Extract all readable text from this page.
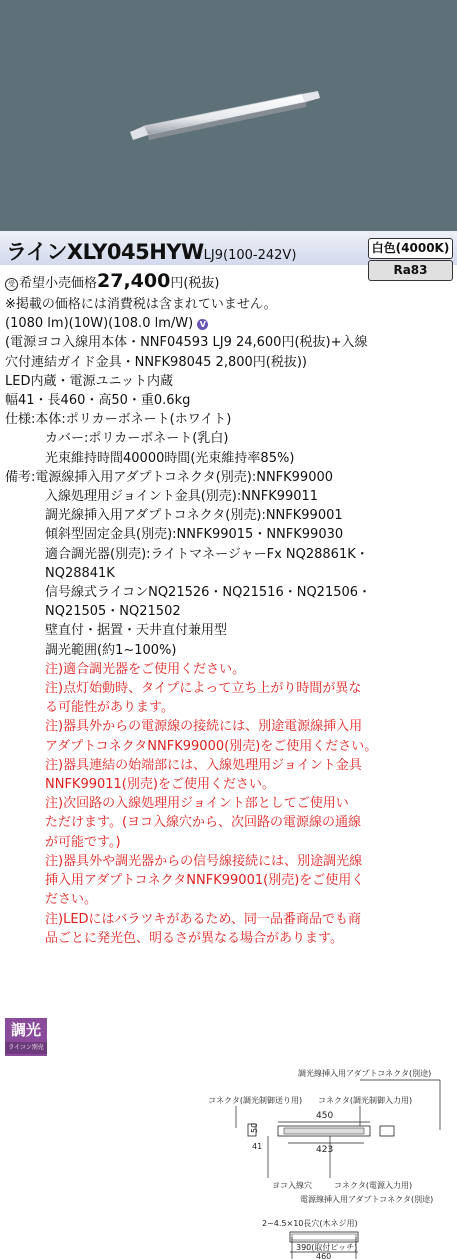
ラインXLY045HYWLJ9(100-242V)	白色(4000K)
Ra83
受 希望小売価格27,400円(税抜)
※掲載の価格には消費税は含まれていません。
(1080 lm)(10W)(108.0 lm/W) V
(電源ヨコ入線用本体・NNF04593 LJ9 24,600円(税抜)+入線
穴付連結ガイド金具・NNFK98045 2,800円(税抜))
LED内蔵・電源ユニット内蔵
幅41・長460・高50・重0.6kg
仕様:本体:ポリカーボネート(ホワイト)
カバー:ポリカーボネート(乳白)
光束維持時間40000時間(光束維持率85%)
備考:電源線挿入用アダプトコネクタ(別売):NNFK99000
入線処理用ジョイント金具(別売):NNFK99011
調光線挿入用アダプトコネクタ(別売):NNFK99001
傾斜型固定金具(別売):NNFK99015・NNFK99030
適合調光器(別売):ライトマネージャーFx NQ28861K・
NQ28841K
信号線式ライコンNQ21526・NQ21516・NQ21506・
NQ21505・NQ21502
壁直付・据置・天井直付兼用型
調光範囲(約1~100%)
注)適合調光器をご使用ください。
注)点灯始動時、タイプによって立ち上がり時間が異な
る可能性があります。
注)器具外からの電源線の接続には、別途電源線挿入用
アダプトコネクタNNFK99000(別売)をご使用ください。
注)器具連結の始端部には、入線処理用ジョイント金具
NNFK99011(別売)をご使用ください。
注)次回路の入線処理用ジョイント部としてご使用い
ただけます。(ヨコ入線穴から、次回路の電源線の通線
が可能です。)
注)器具外や調光器からの信号線接続には、別途調光線
挿入用アダプトコネクタNNFK99001(別売)をご使用く
ださい。
注)LEDにはバラツキがあるため、同一品番商品でも商
品ごとに発光色、明るさが異なる場合があります。
調光
ライコン別売
調光線挿入用アダプトコネクタ(別途)
コネクタ(調光制御送り用) コネクタ(調光制御入力用)
450
50
41	423
ヨコ入線穴	コネクタ(電源入力用)
電源線挿入用アダプトコネクタ(別途)
2~4.5×10長穴(木ネジ用)
390(取付ピッチ)
460
